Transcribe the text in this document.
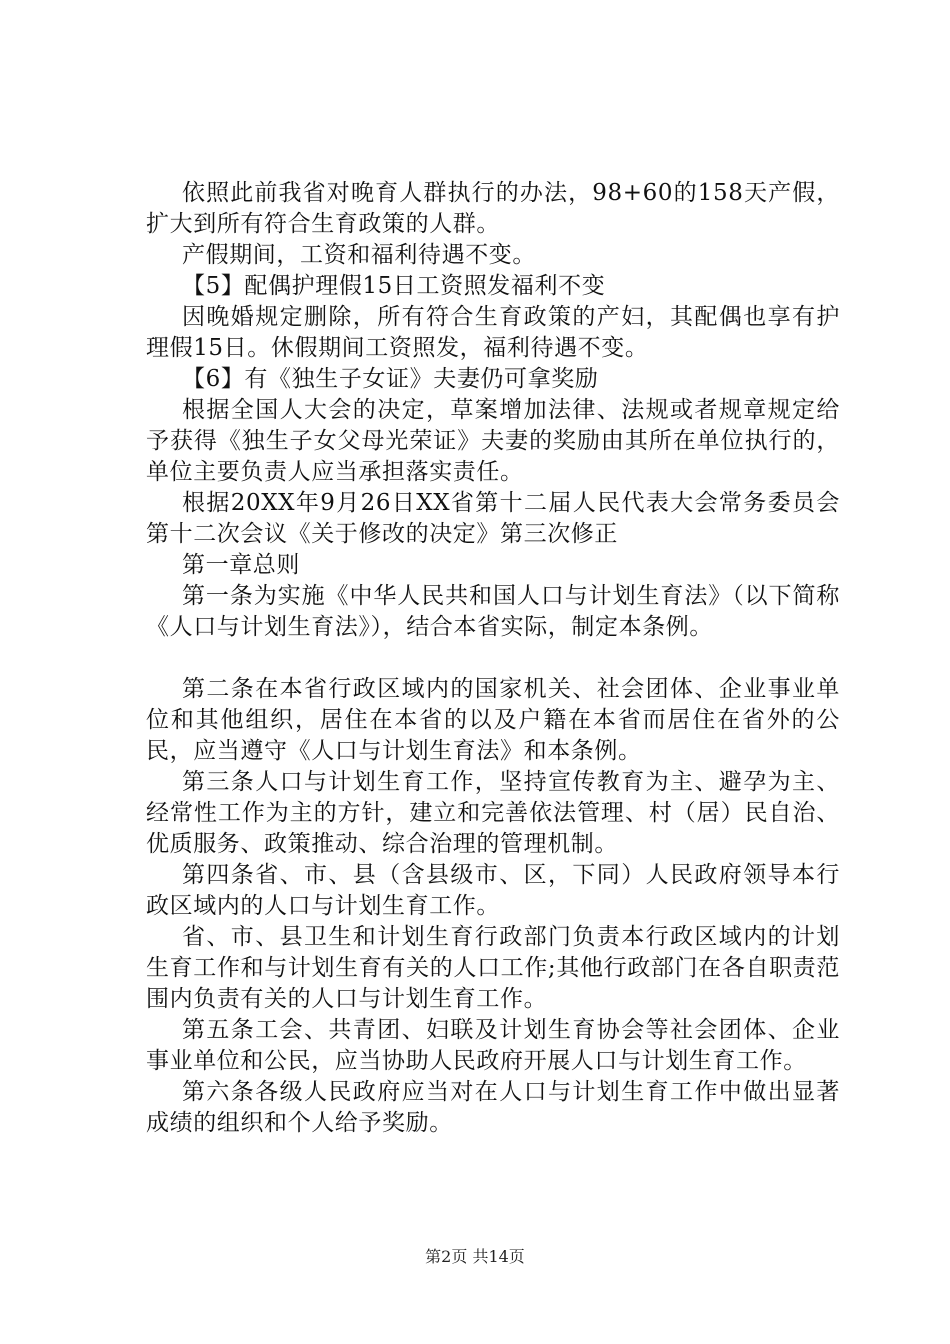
依照此前我省对晚育人群执行的办法，98+60的158天产假，扩大到所有符合生育政策的人群。

产假期间，工资和福利待遇不变。

【5】配偶护理假15日工资照发福利不变

因晚婚规定删除，所有符合生育政策的产妇，其配偶也享有护理假15日。休假期间工资照发，福利待遇不变。

【6】有《独生子女证》夫妻仍可拿奖励

根据全国人大会的决定，草案增加法律、法规或者规章规定给予获得《独生子女父母光荣证》夫妻的奖励由其所在单位执行的，单位主要负责人应当承担落实责任。

根据20XX年9月26日XX省第十二届人民代表大会常务委员会第十二次会议《关于修改的决定》第三次修正

第一章总则

第一条为实施《中华人民共和国人口与计划生育法》（以下简称《人口与计划生育法》），结合本省实际，制定本条例。

第二条在本省行政区域内的国家机关、社会团体、企业事业单位和其他组织，居住在本省的以及户籍在本省而居住在省外的公民，应当遵守《人口与计划生育法》和本条例。

第三条人口与计划生育工作，坚持宣传教育为主、避孕为主、经常性工作为主的方针，建立和完善依法管理、村（居）民自治、优质服务、政策推动、综合治理的管理机制。

第四条省、市、县（含县级市、区，下同）人民政府领导本行政区域内的人口与计划生育工作。

省、市、县卫生和计划生育行政部门负责本行政区域内的计划生育工作和与计划生育有关的人口工作;其他行政部门在各自职责范围内负责有关的人口与计划生育工作。

第五条工会、共青团、妇联及计划生育协会等社会团体、企业事业单位和公民，应当协助人民政府开展人口与计划生育工作。

第六条各级人民政府应当对在人口与计划生育工作中做出显著成绩的组织和个人给予奖励。

第2页 共14页
